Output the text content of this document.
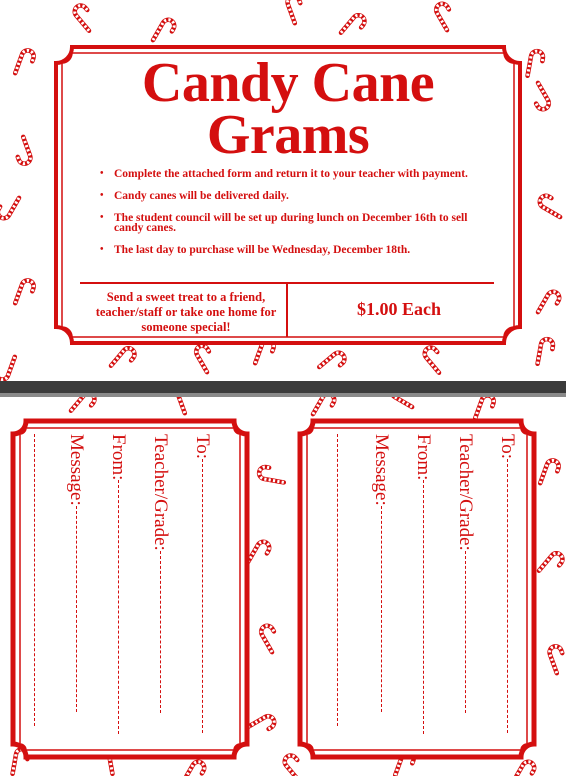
Candy Cane
Grams
• Complete the attached form and return it to your teacher with payment.
• Candy canes will be delivered daily.
• The student council will be set up during lunch on December 16th to sell candy canes.
• The last day to purchase will be Wednesday, December 18th.
Send a sweet treat to a friend, teacher/staff or take one home for someone special!
$1.00 Each
To:
Teacher/Grade:
From:
Message:	To:
Teacher/Grade:
From:
Message:
